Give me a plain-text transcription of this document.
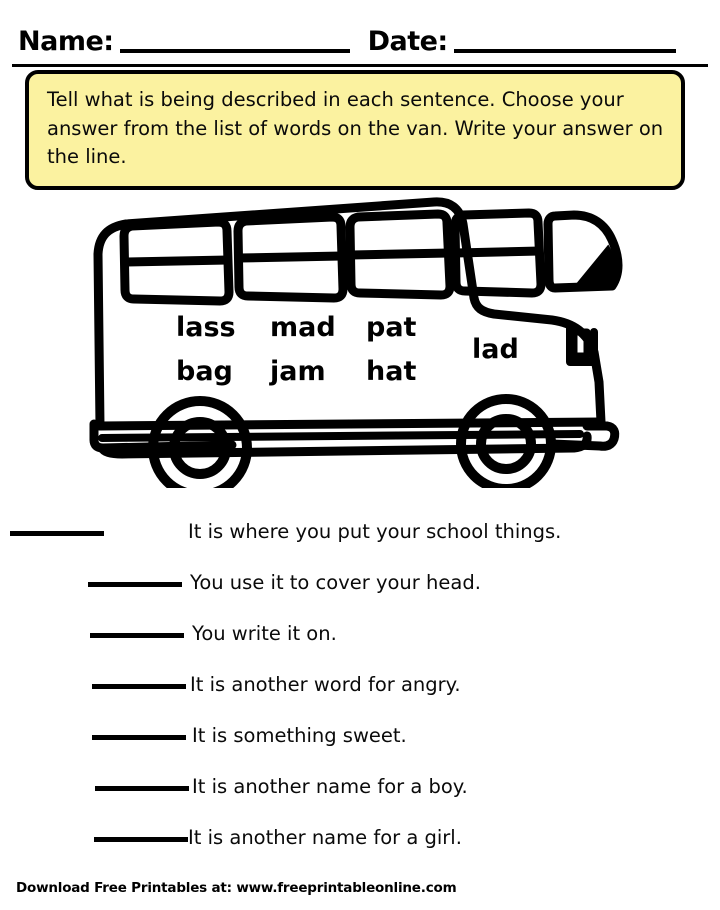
Name:	Date:
Tell what is being described in each sentence. Choose your answer from the list of words on the van. Write your answer on the line.
lass mad pat
bag jam hat
lad
It is where you put your school things.
You use it to cover your head.
You write it on.
It is another word for angry.
It is something sweet.
It is another name for a boy.
It is another name for a girl.
Download Free Printables at: www.freeprintableonline.com
